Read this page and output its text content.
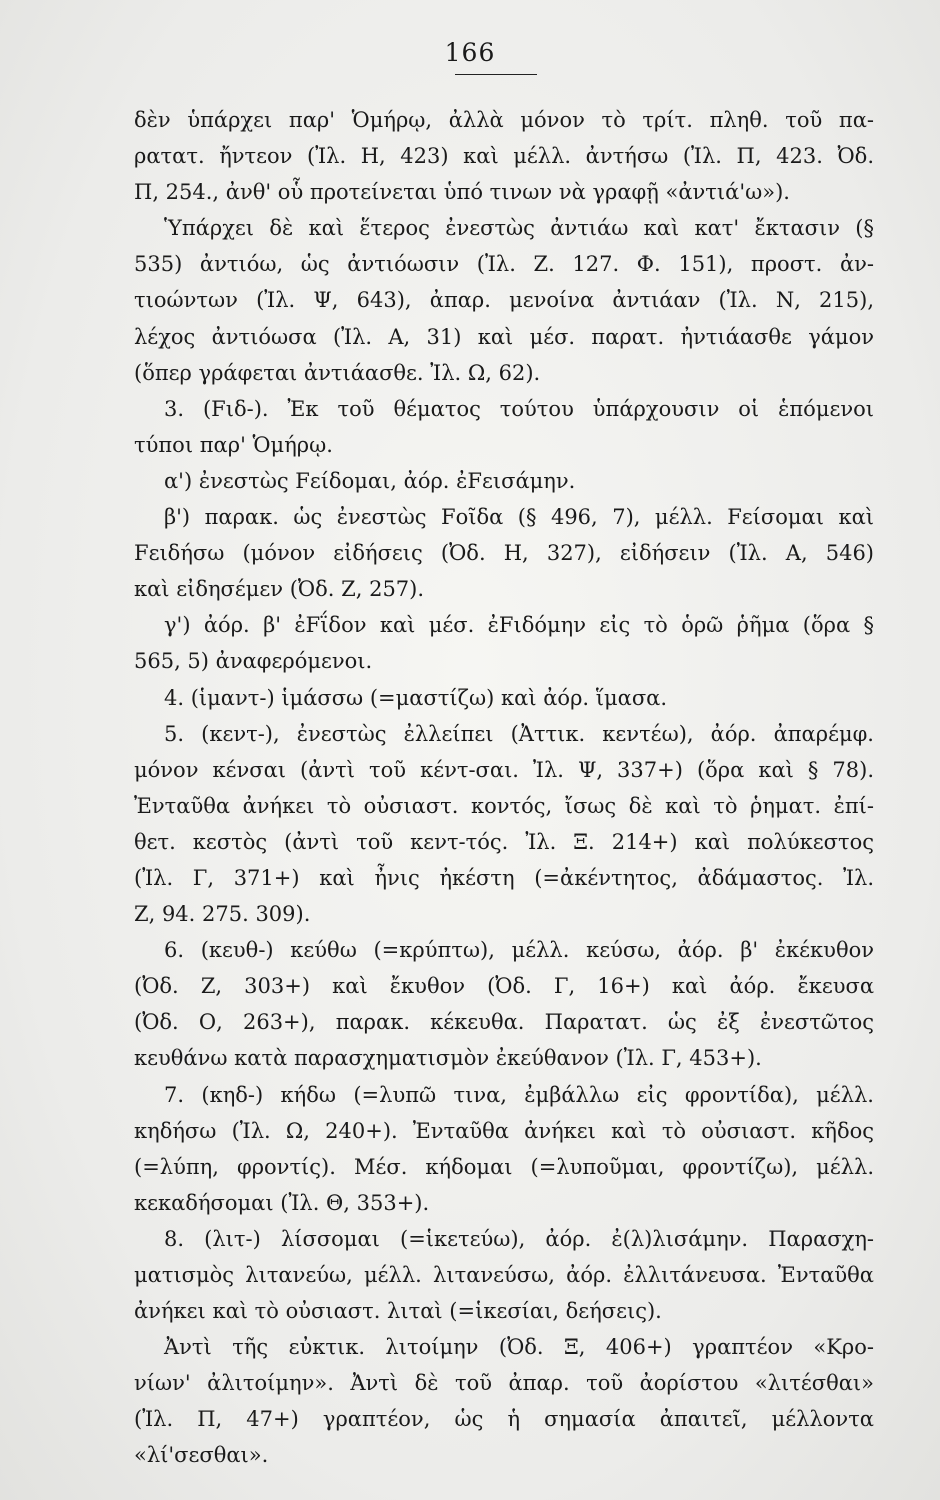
166
δὲν ὑπάρχει παρ' Ὁμήρῳ, ἀλλὰ μόνον τὸ τρίτ. πληθ. τοῦ πα-
ρατατ. ἤντεον (Ἰλ. Η, 423) καὶ μέλλ. ἀντήσω (Ἰλ. Π, 423. Ὀδ.
Π, 254., ἀνθ' οὗ προτείνεται ὑπό τινων νὰ γραφῇ «ἀντιά'ω»).
Ὑπάρχει δὲ καὶ ἕτερος ἐνεστὼς ἀντιάω καὶ κατ' ἔκτασιν (§
535) ἀντιόω, ὡς ἀντιόωσιν (Ἰλ. Ζ. 127. Φ. 151), προστ. ἀν-
τιοώντων (Ἰλ. Ψ, 643), ἀπαρ. μενοίνα ἀντιάαν (Ἰλ. Ν, 215),
λέχος ἀντιόωσα (Ἰλ. Α, 31) καὶ μέσ. παρατ. ἠντιάασθε γάμον
(ὅπερ γράφεται ἀντιάασθε. Ἰλ. Ω, 62).
3. (Fιδ-). Ἐκ τοῦ θέματος τούτου ὑπάρχουσιν οἱ ἑπόμενοι
τύποι παρ' Ὁμήρῳ.
α') ἐνεστὼς Fείδομαι, ἀόρ. ἐFεισάμην.
β') παρακ. ὡς ἐνεστὼς Fοῖδα (§ 496, 7), μέλλ. Fείσομαι καὶ
Fειδήσω (μόνον εἰδήσεις (Ὀδ. Η, 327), εἰδήσειν (Ἰλ. Α, 546)
καὶ εἰδησέμεν (Ὀδ. Ζ, 257).
γ') ἀόρ. β' ἐFΐδον καὶ μέσ. ἐFιδόμην εἰς τὸ ὁρῶ ῥῆμα (ὅρα §
565, 5) ἀναφερόμενοι.
4. (ἱμαντ-) ἱμάσσω (=μαστίζω) καὶ ἀόρ. ἵμασα.
5. (κεντ-), ἐνεστὼς ἐλλείπει (Ἀττικ. κεντέω), ἀόρ. ἀπαρέμφ.
μόνον κένσαι (ἀντὶ τοῦ κέντ-σαι. Ἰλ. Ψ, 337+) (ὅρα καὶ § 78).
Ἐνταῦθα ἀνήκει τὸ οὐσιαστ. κοντός, ἴσως δὲ καὶ τὸ ῥηματ. ἐπί-
θετ. κεστὸς (ἀντὶ τοῦ κεντ-τός. Ἰλ. Ξ. 214+) καὶ πολύκεστος
(Ἰλ. Γ, 371+) καὶ ἦνις ἠκέστη (=ἀκέντητος, ἀδάμαστος. Ἰλ.
Ζ, 94. 275. 309).
6. (κευθ-) κεύθω (=κρύπτω), μέλλ. κεύσω, ἀόρ. β' ἐκέκυθον
(Ὀδ. Ζ, 303+) καὶ ἔκυθον (Ὀδ. Γ, 16+) καὶ ἀόρ. ἔκευσα
(Ὀδ. Ο, 263+), παρακ. κέκευθα. Παρατατ. ὡς ἐξ ἐνεστῶτος
κευθάνω κατὰ παρασχηματισμὸν ἐκεύθανον (Ἰλ. Γ, 453+).
7. (κηδ-) κήδω (=λυπῶ τινα, ἐμβάλλω εἰς φροντίδα), μέλλ.
κηδήσω (Ἰλ. Ω, 240+). Ἐνταῦθα ἀνήκει καὶ τὸ οὐσιαστ. κῆδος
(=λύπη, φροντίς). Μέσ. κήδομαι (=λυποῦμαι, φροντίζω), μέλλ.
κεκαδήσομαι (Ἰλ. Θ, 353+).
8. (λιτ-) λίσσομαι (=ἱκετεύω), ἀόρ. ἐ(λ)λισάμην. Παρασχη-
ματισμὸς λιτανεύω, μέλλ. λιτανεύσω, ἀόρ. ἐλλιτάνευσα. Ἐνταῦθα
ἀνήκει καὶ τὸ οὐσιαστ. λιταὶ (=ἱκεσίαι, δεήσεις).
Ἀντὶ τῆς εὐκτικ. λιτοίμην (Ὀδ. Ξ, 406+) γραπτέον «Κρο-
νίων' ἀλιτοίμην». Ἀντὶ δὲ τοῦ ἀπαρ. τοῦ ἀορίστου «λιτέσθαι»
(Ἰλ. Π, 47+) γραπτέον, ὡς ἡ σημασία ἀπαιτεῖ, μέλλοντα
«λί'σεσθαι».
